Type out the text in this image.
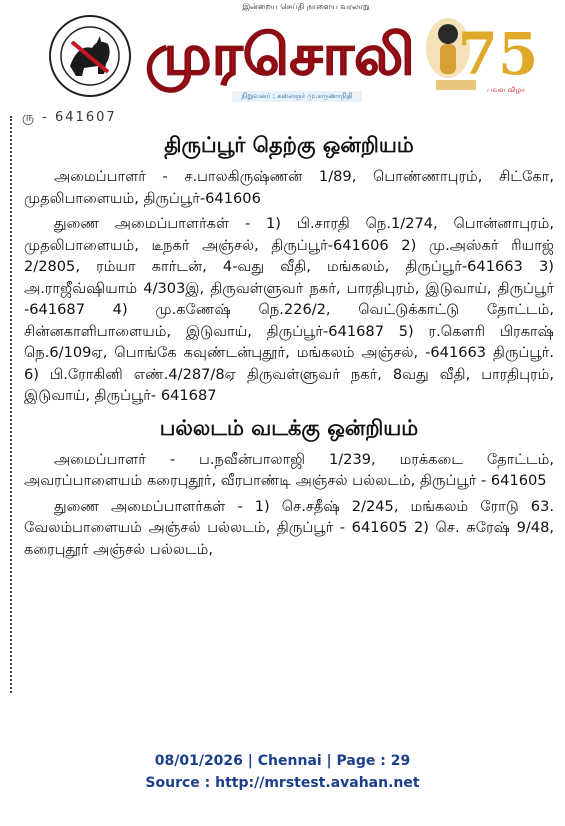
இன்றைய செய்தி நாளைய வரலாறு
முரசொலி
நிறுவனர் : கலைஞர் மு.கருணாநிதி
75
பவள விழா
ரு - 641607
திருப்பூர் தெற்கு ஒன்றியம்

அமைப்பாளர் - ச.பாலகிருஷ்ணன் 1/89, பொண்ணாபுரம், சிட்கோ, முதலிபாளையம், திருப்பூர்-641606

துணை அமைப்பாளர்கள் - 1) பி.சாரதி நெ.1/274, பொன்னாபுரம், முதலிபாளையம், டீநகர் அஞ்சல், திருப்பூர்-641606 2) மு.அஸ்கர் ரியாஜ் 2/2805, ரம்யா கார்டன், 4-வது வீதி, மங்கலம், திருப்பூர்-641663 3) அ.ராஜீவ்ஷியாம் 4/303இ, திருவள்ளுவர் நகர், பாரதிபுரம், இடுவாய், திருப்பூர் -641687 4) மு.கணேஷ் நெ.226/2, வெட்டுக்காட்டு தோட்டம், சின்னகாளிபாளையம், இடுவாய், திருப்பூர்-641687 5) ர.கௌரி பிரகாஷ் நெ.6/109ஏ, பொங்கே கவுண்டன்புதூர், மங்கலம் அஞ்சல், -641663 திருப்பூர். 6) பி.ரோகினி எண்.4/287/8ஏ திருவள்ளுவர் நகர், 8வது வீதி, பாரதிபுரம், இடுவாய், திருப்பூர்- 641687

பல்லடம் வடக்கு ஒன்றியம்

அமைப்பாளர் - ப.நவீன்பாலாஜி 1/239, மரக்கடை தோட்டம், அவரப்பாளையம் கரைபுதூர், வீரபாண்டி அஞ்சல் பல்லடம், திருப்பூர் - 641605

துணை அமைப்பாளர்கள் - 1) செ.சதீஷ் 2/245, மங்கலம் ரோடு 63. வேலம்பாளையம் அஞ்சல் பல்லடம், திருப்பூர் - 641605 2) செ. சுரேஷ் 9/48, கரைபுதூர் அஞ்சல் பல்லடம்,

08/01/2026 | Chennai | Page : 29
Source : http://mrstest.avahan.net
